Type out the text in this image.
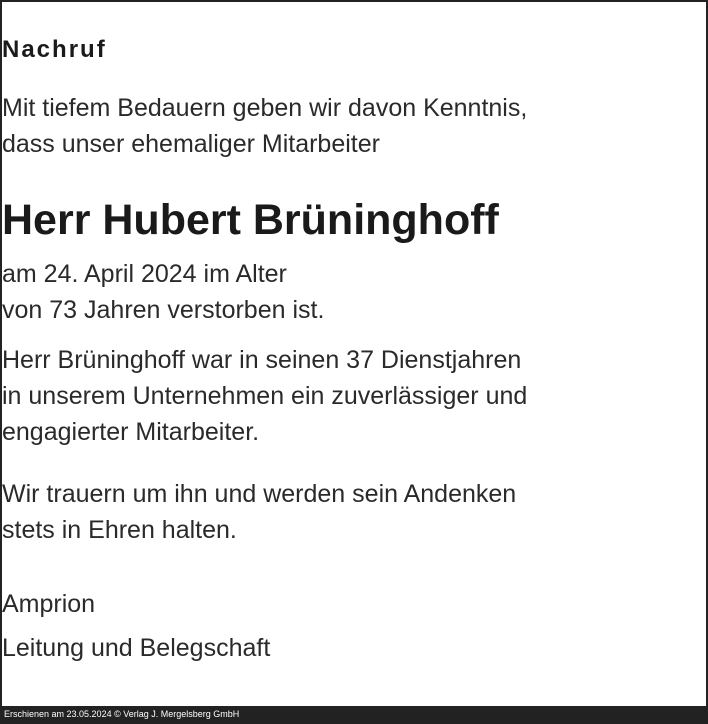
Nachruf
Mit tiefem Bedauern geben wir davon Kenntnis,
dass unser ehemaliger Mitarbeiter
Herr Hubert Brüninghoff
am 24. April 2024 im Alter
von 73 Jahren verstorben ist.
Herr Brüninghoff war in seinen 37 Dienstjahren
in unserem Unternehmen ein zuverlässiger und
engagierter Mitarbeiter.
Wir trauern um ihn und werden sein Andenken
stets in Ehren halten.
Amprion
Leitung und Belegschaft
Erschienen am 23.05.2024 © Verlag J. Mergelsberg GmbH
